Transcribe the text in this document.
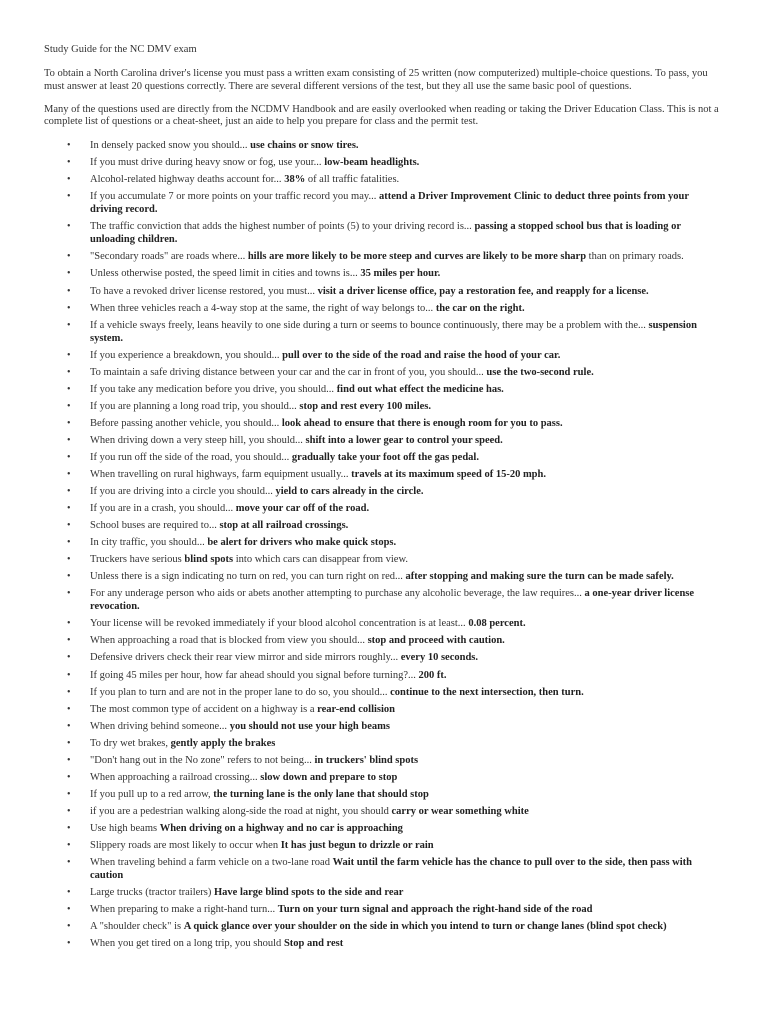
Study Guide for the NC DMV exam

To obtain a North Carolina driver's license you must pass a written exam consisting of 25 written (now computerized) multiple-choice questions. To pass, you must answer at least 20 questions correctly. There are several different versions of the test, but they all use the same basic pool of questions.

Many of the questions used are directly from the NCDMV Handbook and are easily overlooked when reading or taking the Driver Education Class. This is not a complete list of questions or a cheat-sheet, just an aide to help you prepare for class and the permit test.

• In densely packed snow you should... use chains or snow tires.
• If you must drive during heavy snow or fog, use your... low-beam headlights.
• Alcohol-related highway deaths account for... 38% of all traffic fatalities.
• If you accumulate 7 or more points on your traffic record you may... attend a Driver Improvement Clinic to deduct three points from your driving record.
• The traffic conviction that adds the highest number of points (5) to your driving record is... passing a stopped school bus that is loading or unloading children.
• "Secondary roads" are roads where... hills are more likely to be more steep and curves are likely to be more sharp than on primary roads.
• Unless otherwise posted, the speed limit in cities and towns is... 35 miles per hour.
• To have a revoked driver license restored, you must... visit a driver license office, pay a restoration fee, and reapply for a license.
• When three vehicles reach a 4-way stop at the same, the right of way belongs to... the car on the right.
• If a vehicle sways freely, leans heavily to one side during a turn or seems to bounce continuously, there may be a problem with the... suspension system.
• If you experience a breakdown, you should... pull over to the side of the road and raise the hood of your car.
• To maintain a safe driving distance between your car and the car in front of you, you should... use the two-second rule.
• If you take any medication before you drive, you should... find out what effect the medicine has.
• If you are planning a long road trip, you should... stop and rest every 100 miles.
• Before passing another vehicle, you should... look ahead to ensure that there is enough room for you to pass.
• When driving down a very steep hill, you should... shift into a lower gear to control your speed.
• If you run off the side of the road, you should... gradually take your foot off the gas pedal.
• When travelling on rural highways, farm equipment usually... travels at its maximum speed of 15-20 mph.
• If you are driving into a circle you should... yield to cars already in the circle.
• If you are in a crash, you should... move your car off of the road.
• School buses are required to... stop at all railroad crossings.
• In city traffic, you should... be alert for drivers who make quick stops.
• Truckers have serious blind spots into which cars can disappear from view.
• Unless there is a sign indicating no turn on red, you can turn right on red... after stopping and making sure the turn can be made safely.
• For any underage person who aids or abets another attempting to purchase any alcoholic beverage, the law requires... a one-year driver license revocation.
• Your license will be revoked immediately if your blood alcohol concentration is at least... 0.08 percent.
• When approaching a road that is blocked from view you should... stop and proceed with caution.
• Defensive drivers check their rear view mirror and side mirrors roughly... every 10 seconds.
• If going 45 miles per hour, how far ahead should you signal before turning?... 200 ft.
• If you plan to turn and are not in the proper lane to do so, you should... continue to the next intersection, then turn.
• The most common type of accident on a highway is a rear-end collision
• When driving behind someone... you should not use your high beams
• To dry wet brakes, gently apply the brakes
• "Don't hang out in the No zone" refers to not being... in truckers' blind spots
• When approaching a railroad crossing... slow down and prepare to stop
• If you pull up to a red arrow, the turning lane is the only lane that should stop
• if you are a pedestrian walking along-side the road at night, you should carry or wear something white
• Use high beams When driving on a highway and no car is approaching
• Slippery roads are most likely to occur when It has just begun to drizzle or rain
• When traveling behind a farm vehicle on a two-lane road Wait until the farm vehicle has the chance to pull over to the side, then pass with caution
• Large trucks (tractor trailers) Have large blind spots to the side and rear
• When preparing to make a right-hand turn... Turn on your turn signal and approach the right-hand side of the road
• A "shoulder check" is A quick glance over your shoulder on the side in which you intend to turn or change lanes (blind spot check)
• When you get tired on a long trip, you should Stop and rest
